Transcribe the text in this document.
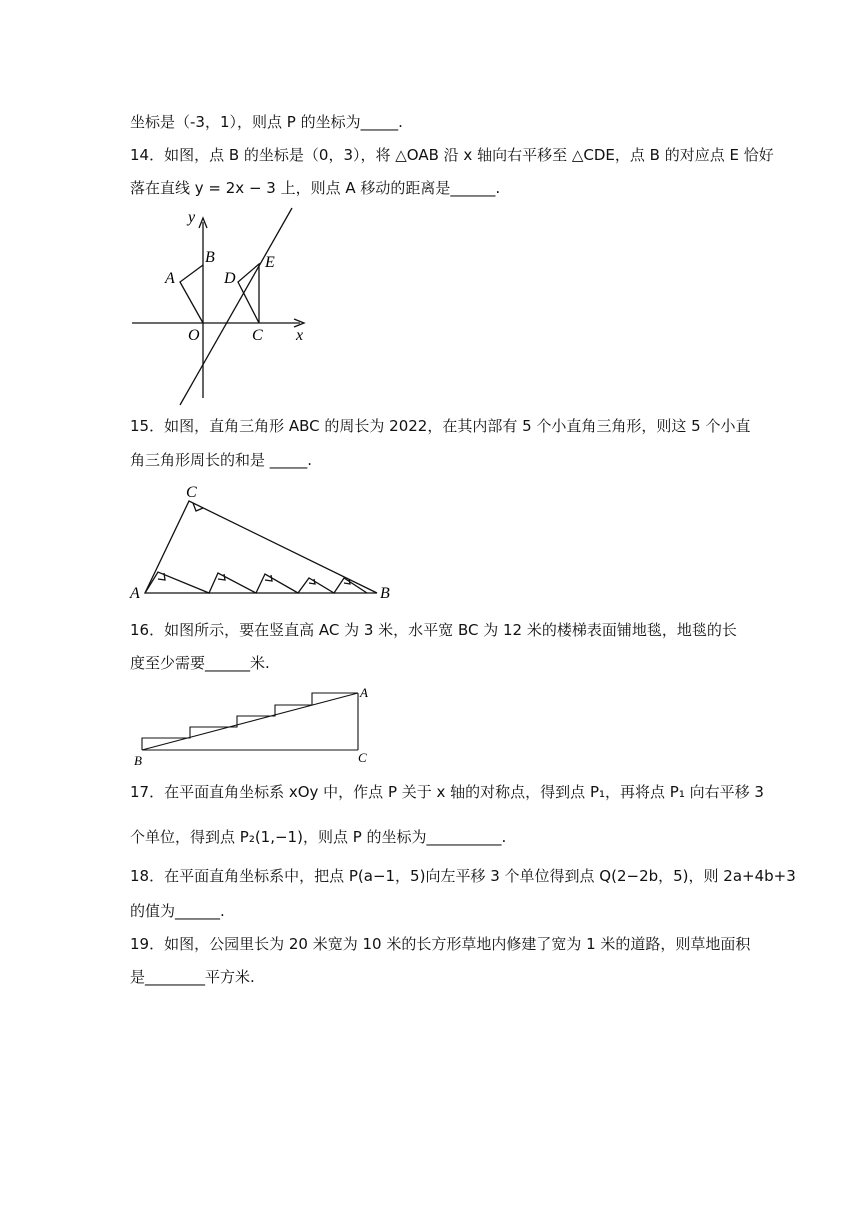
坐标是（-3，1），则点 P 的坐标为_____.
14．如图，点 B 的坐标是（0，3），将 △OAB 沿 x 轴向右平移至 △CDE，点 B 的对应点 E 恰好
落在直线 y = 2x − 3 上，则点 A 移动的距离是______.
y
B
A	D
E
O	C x
15．如图，直角三角形 ABC 的周长为 2022，在其内部有 5 个小直角三角形，则这 5 个小直
角三角形周长的和是 _____.
C
A	B
16．如图所示，要在竖直高 AC 为 3 米，水平宽 BC 为 12 米的楼梯表面铺地毯，地毯的长
度至少需要______米.
A
B	C
17．在平面直角坐标系 xOy 中，作点 P 关于 x 轴的对称点，得到点 P₁，再将点 P₁ 向右平移 3
个单位，得到点 P₂(1,−1)，则点 P 的坐标为__________.
18．在平面直角坐标系中，把点 P(a−1，5)向左平移 3 个单位得到点 Q(2−2b，5)，则 2a+4b+3
的值为______.
19．如图，公园里长为 20 米宽为 10 米的长方形草地内修建了宽为 1 米的道路，则草地面积
是________平方米.
